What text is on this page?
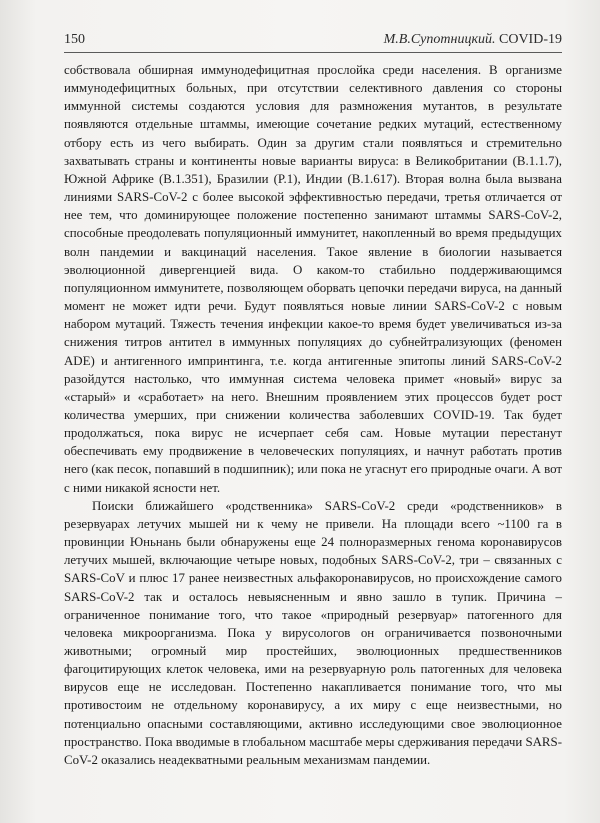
150	М.В.Супотницкий. COVID-19

собствовала обширная иммунодефицитная прослойка среди населения. В организме иммунодефицитных больных, при отсутствии селективного давления со стороны иммунной системы создаются условия для размножения мутантов, в результате появляются отдельные штаммы, имеющие сочетание редких мутаций, естественному отбору есть из чего выбирать. Один за другим стали появляться и стремительно захватывать страны и континенты новые варианты вируса: в Великобритании (В.1.1.7), Южной Африке (В.1.351), Бразилии (Р.1), Индии (В.1.617). Вторая волна была вызвана линиями SARS-CoV-2 с более высокой эффективностью передачи, третья отличается от нее тем, что доминирующее положение постепенно занимают штаммы SARS-CoV-2, способные преодолевать популяционный иммунитет, накопленный во время предыдущих волн пандемии и вакцинаций населения. Такое явление в биологии называется эволюционной дивергенцией вида. О каком-то стабильно поддерживающимся популяционном иммунитете, позволяющем оборвать цепочки передачи вируса, на данный момент не может идти речи. Будут появляться новые линии SARS-CoV-2 с новым набором мутаций. Тяжесть течения инфекции какое-то время будет увеличиваться из-за снижения титров антител в иммунных популяциях до субнейтрализующих (феномен ADE) и антигенного импринтинга, т.е. когда антигенные эпитопы линий SARS-CoV-2 разойдутся настолько, что иммунная система человека примет «новый» вирус за «старый» и «сработает» на него. Внешним проявлением этих процессов будет рост количества умерших, при снижении количества заболевших COVID-19. Так будет продолжаться, пока вирус не исчерпает себя сам. Новые мутации перестанут обеспечивать ему продвижение в человеческих популяциях, и начнут работать против него (как песок, попавший в подшипник); или пока не угаснут его природные очаги. А вот с ними никакой ясности нет.

Поиски ближайшего «родственника» SARS-CoV-2 среди «родственников» в резервуарах летучих мышей ни к чему не привели. На площади всего ~1100 га в провинции Юньнань были обнаружены еще 24 полноразмерных генома коронавирусов летучих мышей, включающие четыре новых, подобных SARS-CoV-2, три – связанных с SARS-CoV и плюс 17 ранее неизвестных альфакоронавирусов, но происхождение самого SARS-CoV-2 так и осталось невыясненным и явно зашло в тупик. Причина – ограниченное понимание того, что такое «природный резервуар» патогенного для человека микроорганизма. Пока у вирусологов он ограничивается позвоночными животными; огромный мир простейших, эволюционных предшественников фагоцитирующих клеток человека, ими на резервуарную роль патогенных для человека вирусов еще не исследован. Постепенно накапливается понимание того, что мы противостоим не отдельному коронавирусу, а их миру с еще неизвестными, но потенциально опасными составляющими, активно исследующими свое эволюционное пространство. Пока вводимые в глобальном масштабе меры сдерживания передачи SARS-CoV-2 оказались неадекватными реальным механизмам пандемии.
